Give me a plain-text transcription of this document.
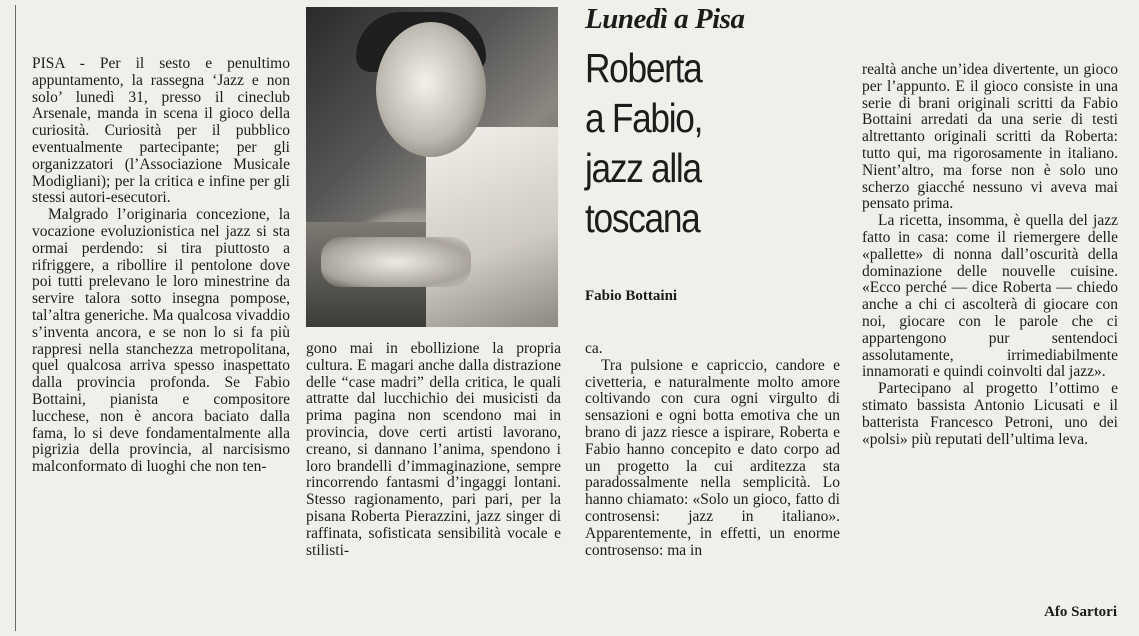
PISA - Per il sesto e penultimo appuntamento, la rassegna ‘Jazz e non solo’ lunedì 31, presso il cineclub Arsenale, manda in scena il gioco della curiosità. Curiosità per il pubblico eventualmente partecipante; per gli organizzatori (l’Associazione Musicale Modigliani); per la critica e infine per gli stessi autori-esecutori.

Malgrado l’originaria concezione, la vocazione evoluzionistica nel jazz si sta ormai perdendo: si tira piuttosto a rifriggere, a ribollire il pentolone dove poi tutti prelevano le loro minestrine da servire talora sotto insegna pompose, tal’altra generiche. Ma qualcosa vivaddio s’inventa ancora, e se non lo si fa più rappresi nella stanchezza metropolitana, quel qualcosa arriva spesso inaspettato dalla provincia profonda. Se Fabio Bottaini, pianista e compositore lucchese, non è ancora baciato dalla fama, lo si deve fondamentalmente alla pigrizia della provincia, al narcisismo malconformato di luoghi che non ten-

Lunedì a Pisa
Roberta
a Fabio,
jazz alla
toscana
Fabio Bottaini

gono mai in ebollizione la propria cultura. E magari anche dalla distrazione delle “case madri” della critica, le quali attratte dal lucchichio dei musicisti da prima pagina non scendono mai in provincia, dove certi artisti lavorano, creano, si dannano l’anima, spendono i loro brandelli d’immaginazione, sempre rincorrendo fantasmi d’ingaggi lontani. Stesso ragionamento, pari pari, per la pisana Roberta Pierazzini, jazz singer di raffinata, sofisticata sensibilità vocale e stilisti-

ca.

Tra pulsione e capriccio, candore e civetteria, e naturalmente molto amore coltivando con cura ogni virgulto di sensazioni e ogni botta emotiva che un brano di jazz riesce a ispirare, Roberta e Fabio hanno concepito e dato corpo ad un progetto la cui arditezza sta paradossalmente nella semplicità. Lo hanno chiamato: «Solo un gioco, fatto di controsensi: jazz in italiano». Apparentemente, in effetti, un enorme controsenso: ma in

realtà anche un’idea divertente, un gioco per l’appunto. E il gioco consiste in una serie di brani originali scritti da Fabio Bottaini arredati da una serie di testi altrettanto originali scritti da Roberta: tutto qui, ma rigorosamente in italiano. Nient’altro, ma forse non è solo uno scherzo giacché nessuno vi aveva mai pensato prima.

La ricetta, insomma, è quella del jazz fatto in casa: come il riemergere delle «pallette» di nonna dall’oscurità della dominazione delle nouvelle cuisine. «Ecco perché — dice Roberta — chiedo anche a chi ci ascolterà di giocare con noi, giocare con le parole che ci appartengono pur sentendoci assolutamente, irrimediabilmente innamorati e quindi coinvolti dal jazz».

Partecipano al progetto l’ottimo e stimato bassista Antonio Licusati e il batterista Francesco Petroni, uno dei «polsi» più reputati dell’ultima leva.

Afo Sartori
